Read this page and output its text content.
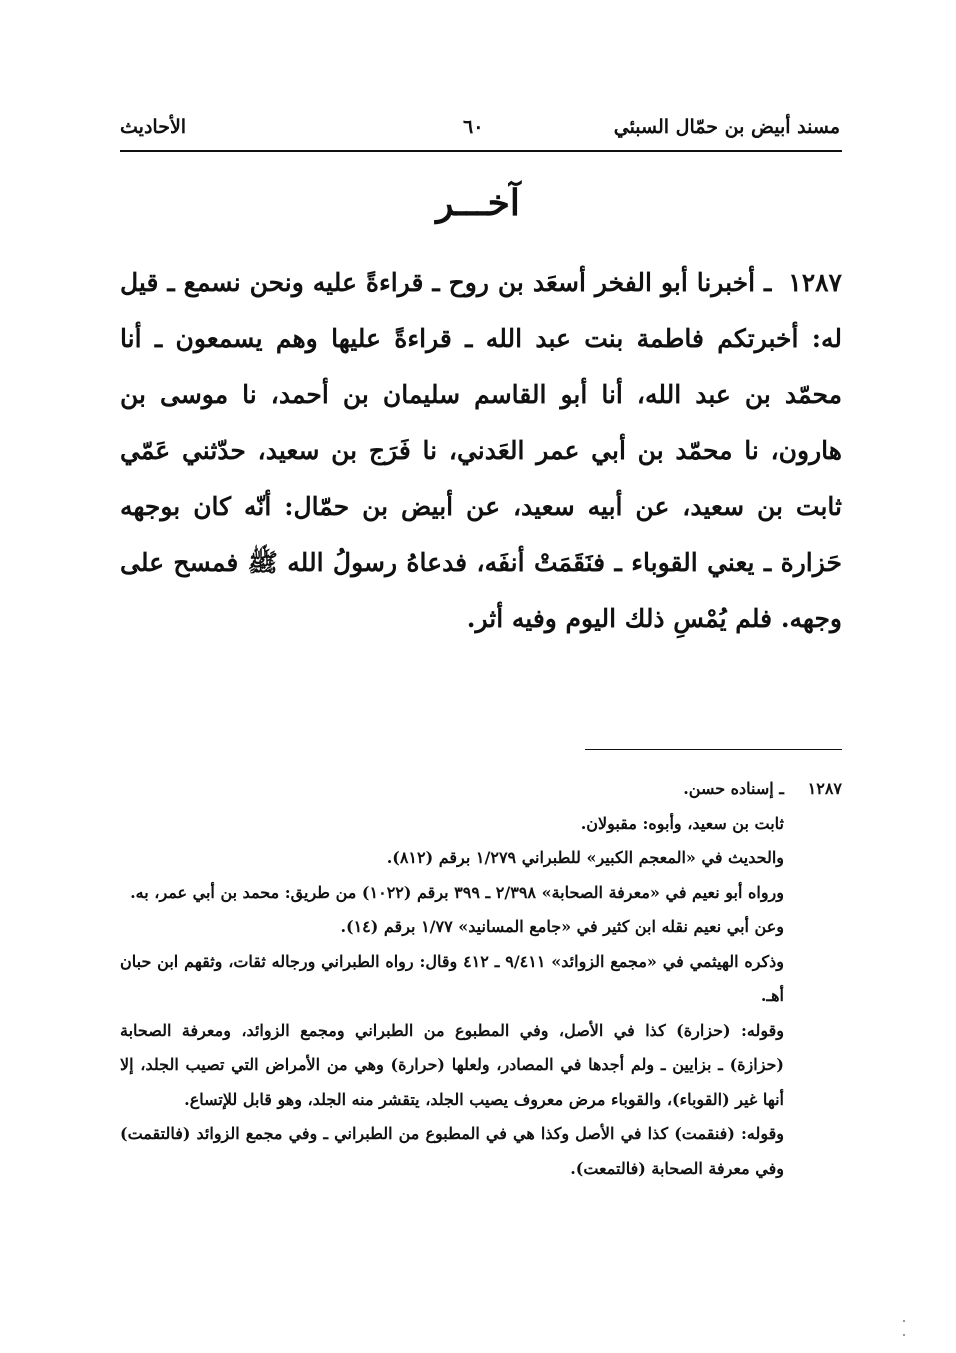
مسند أبيض بن حمّال السبئي
٦٠
الأحاديث
آخـــر
١٢٨٧ ـ أخبرنا أبو الفخر أسعَد بن روح ـ قراءةً عليه ونحن نسمع ـ قيل له: أخبرتكم فاطمة بنت عبد الله ـ قراءةً عليها وهم يسمعون ـ أنا محمّد بن عبد الله، أنا أبو القاسم سليمان بن أحمد، نا موسى بن هارون، نا محمّد بن أبي عمر العَدني، نا فَرَج بن سعيد، حدّثني عَمّي ثابت بن سعيد، عن أبيه سعيد، عن أبيض بن حمّال: أنّه كان بوجهه حَزارة ـ يعني القوباء ـ فنَقَمَتْ أنفَه، فدعاهُ رسولُ الله ﷺ فمسح على وجهه. فلم يُمْسِ ذلك اليوم وفيه أثر.
١٢٨٧
ـ إسناده حسن.
ثابت بن سعيد، وأبوه: مقبولان.
والحديث في «المعجم الكبير» للطبراني ١/٢٧٩ برقم (٨١٢).
ورواه أبو نعيم في «معرفة الصحابة» ٢/٣٩٨ ـ ٣٩٩ برقم (١٠٢٢) من طريق: محمد بن أبي عمر، به.
وعن أبي نعيم نقله ابن كثير في «جامع المسانيد» ١/٧٧ برقم (١٤).
وذكره الهيثمي في «مجمع الزوائد» ٩/٤١١ ـ ٤١٢ وقال: رواه الطبراني ورجاله ثقات، وثقهم ابن حبان أهـ.
وقوله: (حزارة) كذا في الأصل، وفي المطبوع من الطبراني ومجمع الزوائد، ومعرفة الصحابة (حزازة) ـ بزايين ـ ولم أجدها في المصادر، ولعلها (حرارة) وهي من الأمراض التي تصيب الجلد، إلا أنها غير (القوباء)، والقوباء مرض معروف يصيب الجلد، يتقشر منه الجلد، وهو قابل للإتساع.
وقوله: (فنقمت) كذا في الأصل وكذا هي في المطبوع من الطبراني ـ وفي مجمع الزوائد (فالتقمت) وفي معرفة الصحابة (فالتمعت).
